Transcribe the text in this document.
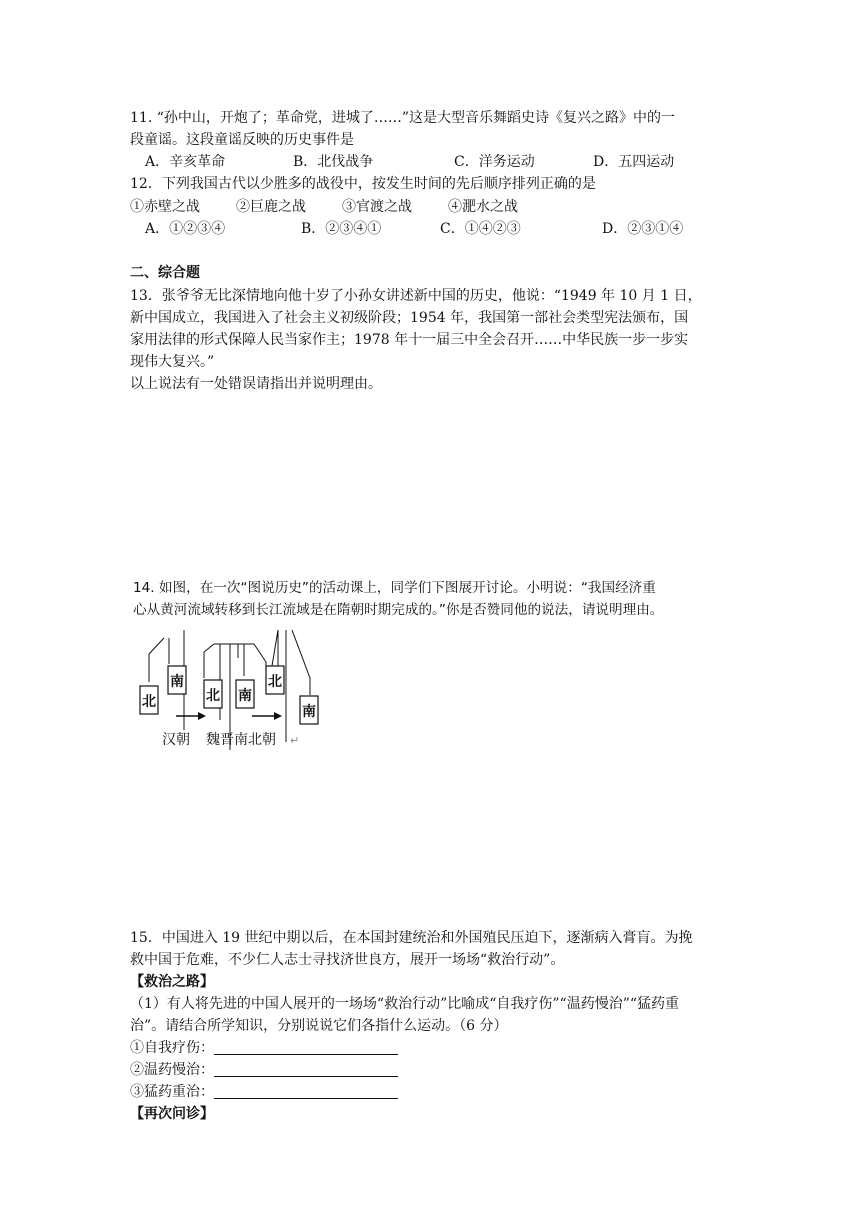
11. “孙中山，开炮了；革命党，进城了……”这是大型音乐舞蹈史诗《复兴之路》中的一
段童谣。这段童谣反映的历史事件是
A．辛亥革命	B．北伐战争	C．洋务运动	D．五四运动
12．下列我国古代以少胜多的战役中，按发生时间的先后顺序排列正确的是
①赤壁之战	②巨鹿之战	③官渡之战	④淝水之战
A．①②③④	B．②③④①	C．①④②③	D．②③①④
二、综合题
13．张爷爷无比深情地向他十岁了小孙女讲述新中国的历史，他说：“1949 年 10 月 1 日，
新中国成立，我国进入了社会主义初级阶段；1954 年，我国第一部社会类型宪法颁布，国
家用法律的形式保障人民当家作主；1978 年十一届三中全会召开……中华民族一步一步实
现伟大复兴。”
以上说法有一处错误请指出并说明理由。
14. 如图，在一次“图说历史”的活动课上，同学们下图展开讨论。小明说：“我国经济重
心从黄河流域转移到长江流域是在隋朝时期完成的。”你是否赞同他的说法，请说明理由。
北
南
北 南
北
南
汉朝 魏晋南北朝 ↵
15．中国进入 19 世纪中期以后，在本国封建统治和外国殖民压迫下，逐渐病入膏肓。为挽
救中国于危难，不少仁人志士寻找济世良方，展开一场场“救治行动”。
【救治之路】
（1）有人将先进的中国人展开的一场场“救治行动”比喻成“自我疗伤”“温药慢治”“猛药重
治”。请结合所学知识，分别说说它们各指什么运动。（6 分）
①自我疗伤：
②温药慢治：
③猛药重治：
【再次问诊】
